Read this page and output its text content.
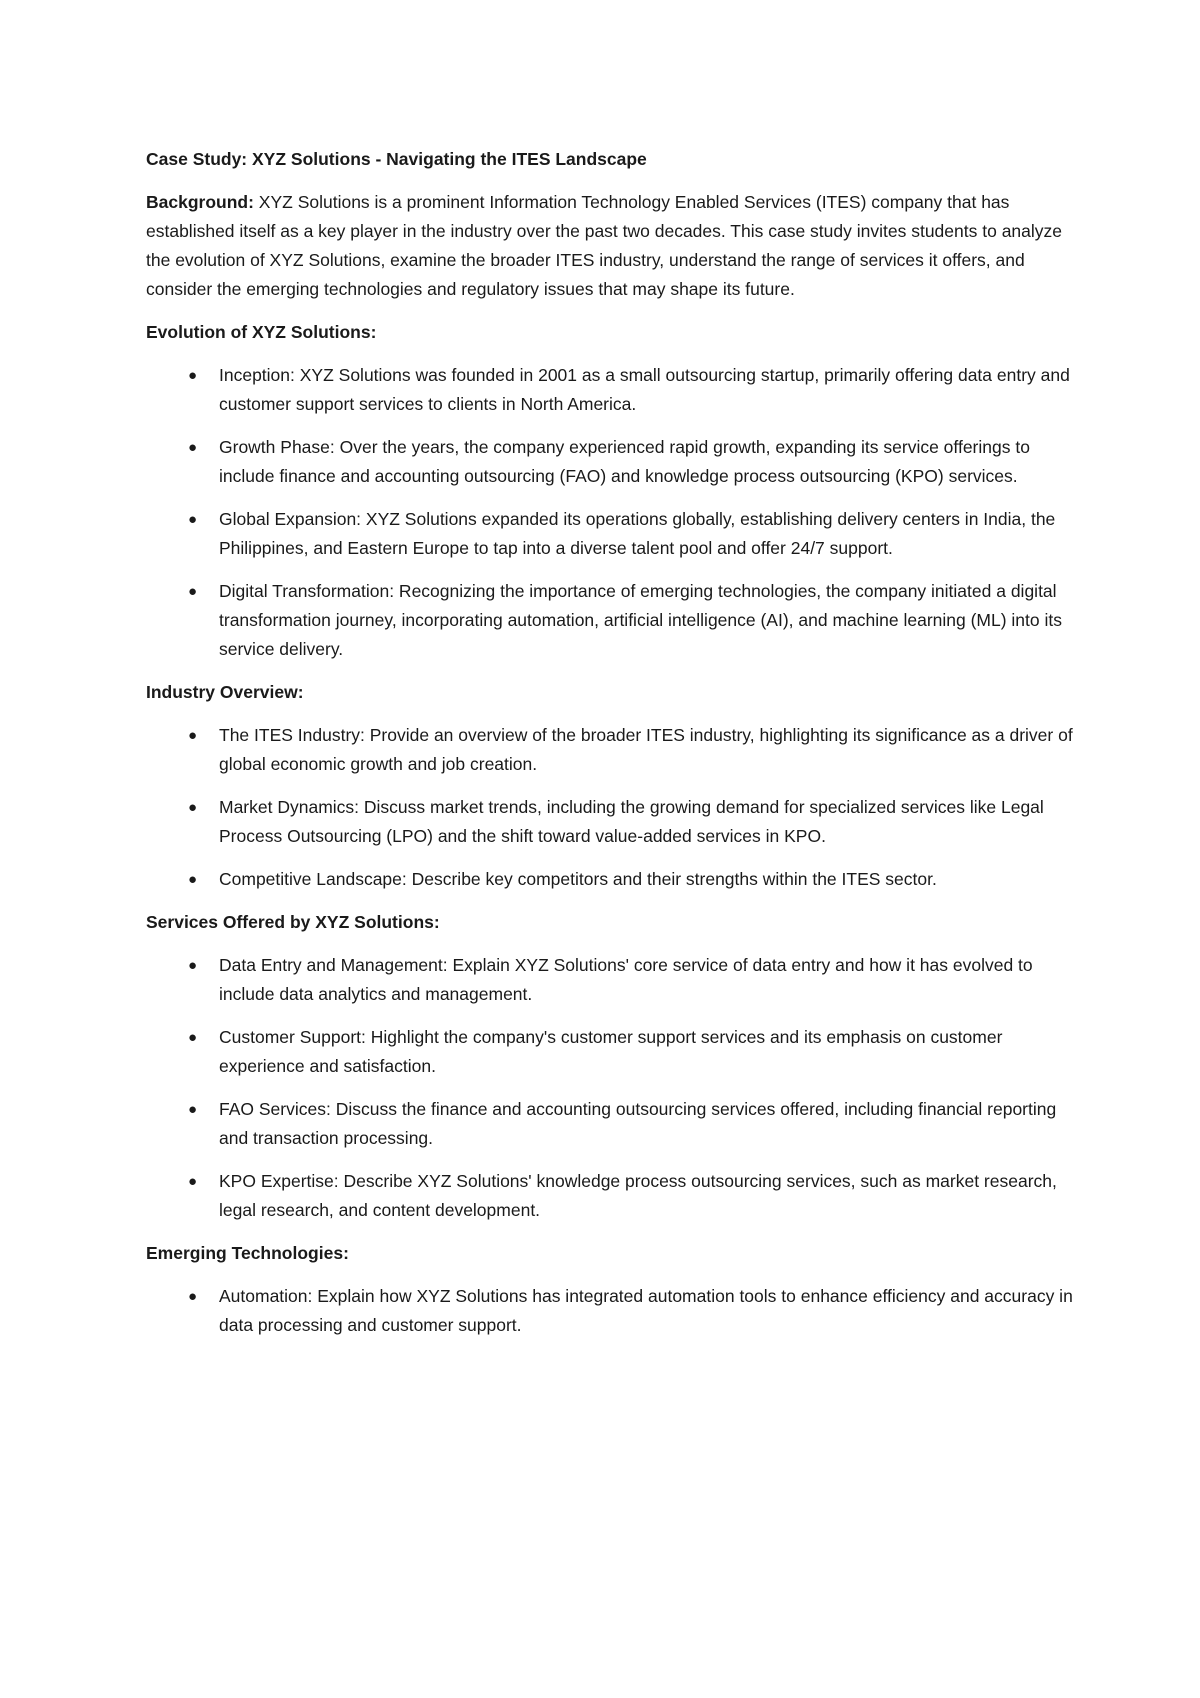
Case Study: XYZ Solutions - Navigating the ITES Landscape

Background: XYZ Solutions is a prominent Information Technology Enabled Services (ITES) company that has established itself as a key player in the industry over the past two decades. This case study invites students to analyze the evolution of XYZ Solutions, examine the broader ITES industry, understand the range of services it offers, and consider the emerging technologies and regulatory issues that may shape its future.

Evolution of XYZ Solutions:
● Inception: XYZ Solutions was founded in 2001 as a small outsourcing startup, primarily offering data entry and customer support services to clients in North America.
● Growth Phase: Over the years, the company experienced rapid growth, expanding its service offerings to include finance and accounting outsourcing (FAO) and knowledge process outsourcing (KPO) services.
● Global Expansion: XYZ Solutions expanded its operations globally, establishing delivery centers in India, the Philippines, and Eastern Europe to tap into a diverse talent pool and offer 24/7 support.
● Digital Transformation: Recognizing the importance of emerging technologies, the company initiated a digital transformation journey, incorporating automation, artificial intelligence (AI), and machine learning (ML) into its service delivery.
Industry Overview:
● The ITES Industry: Provide an overview of the broader ITES industry, highlighting its significance as a driver of global economic growth and job creation.
● Market Dynamics: Discuss market trends, including the growing demand for specialized services like Legal Process Outsourcing (LPO) and the shift toward value-added services in KPO.
● Competitive Landscape: Describe key competitors and their strengths within the ITES sector.
Services Offered by XYZ Solutions:
● Data Entry and Management: Explain XYZ Solutions' core service of data entry and how it has evolved to include data analytics and management.
● Customer Support: Highlight the company's customer support services and its emphasis on customer experience and satisfaction.
● FAO Services: Discuss the finance and accounting outsourcing services offered, including financial reporting and transaction processing.
● KPO Expertise: Describe XYZ Solutions' knowledge process outsourcing services, such as market research, legal research, and content development.
Emerging Technologies:
● Automation: Explain how XYZ Solutions has integrated automation tools to enhance efficiency and accuracy in data processing and customer support.
